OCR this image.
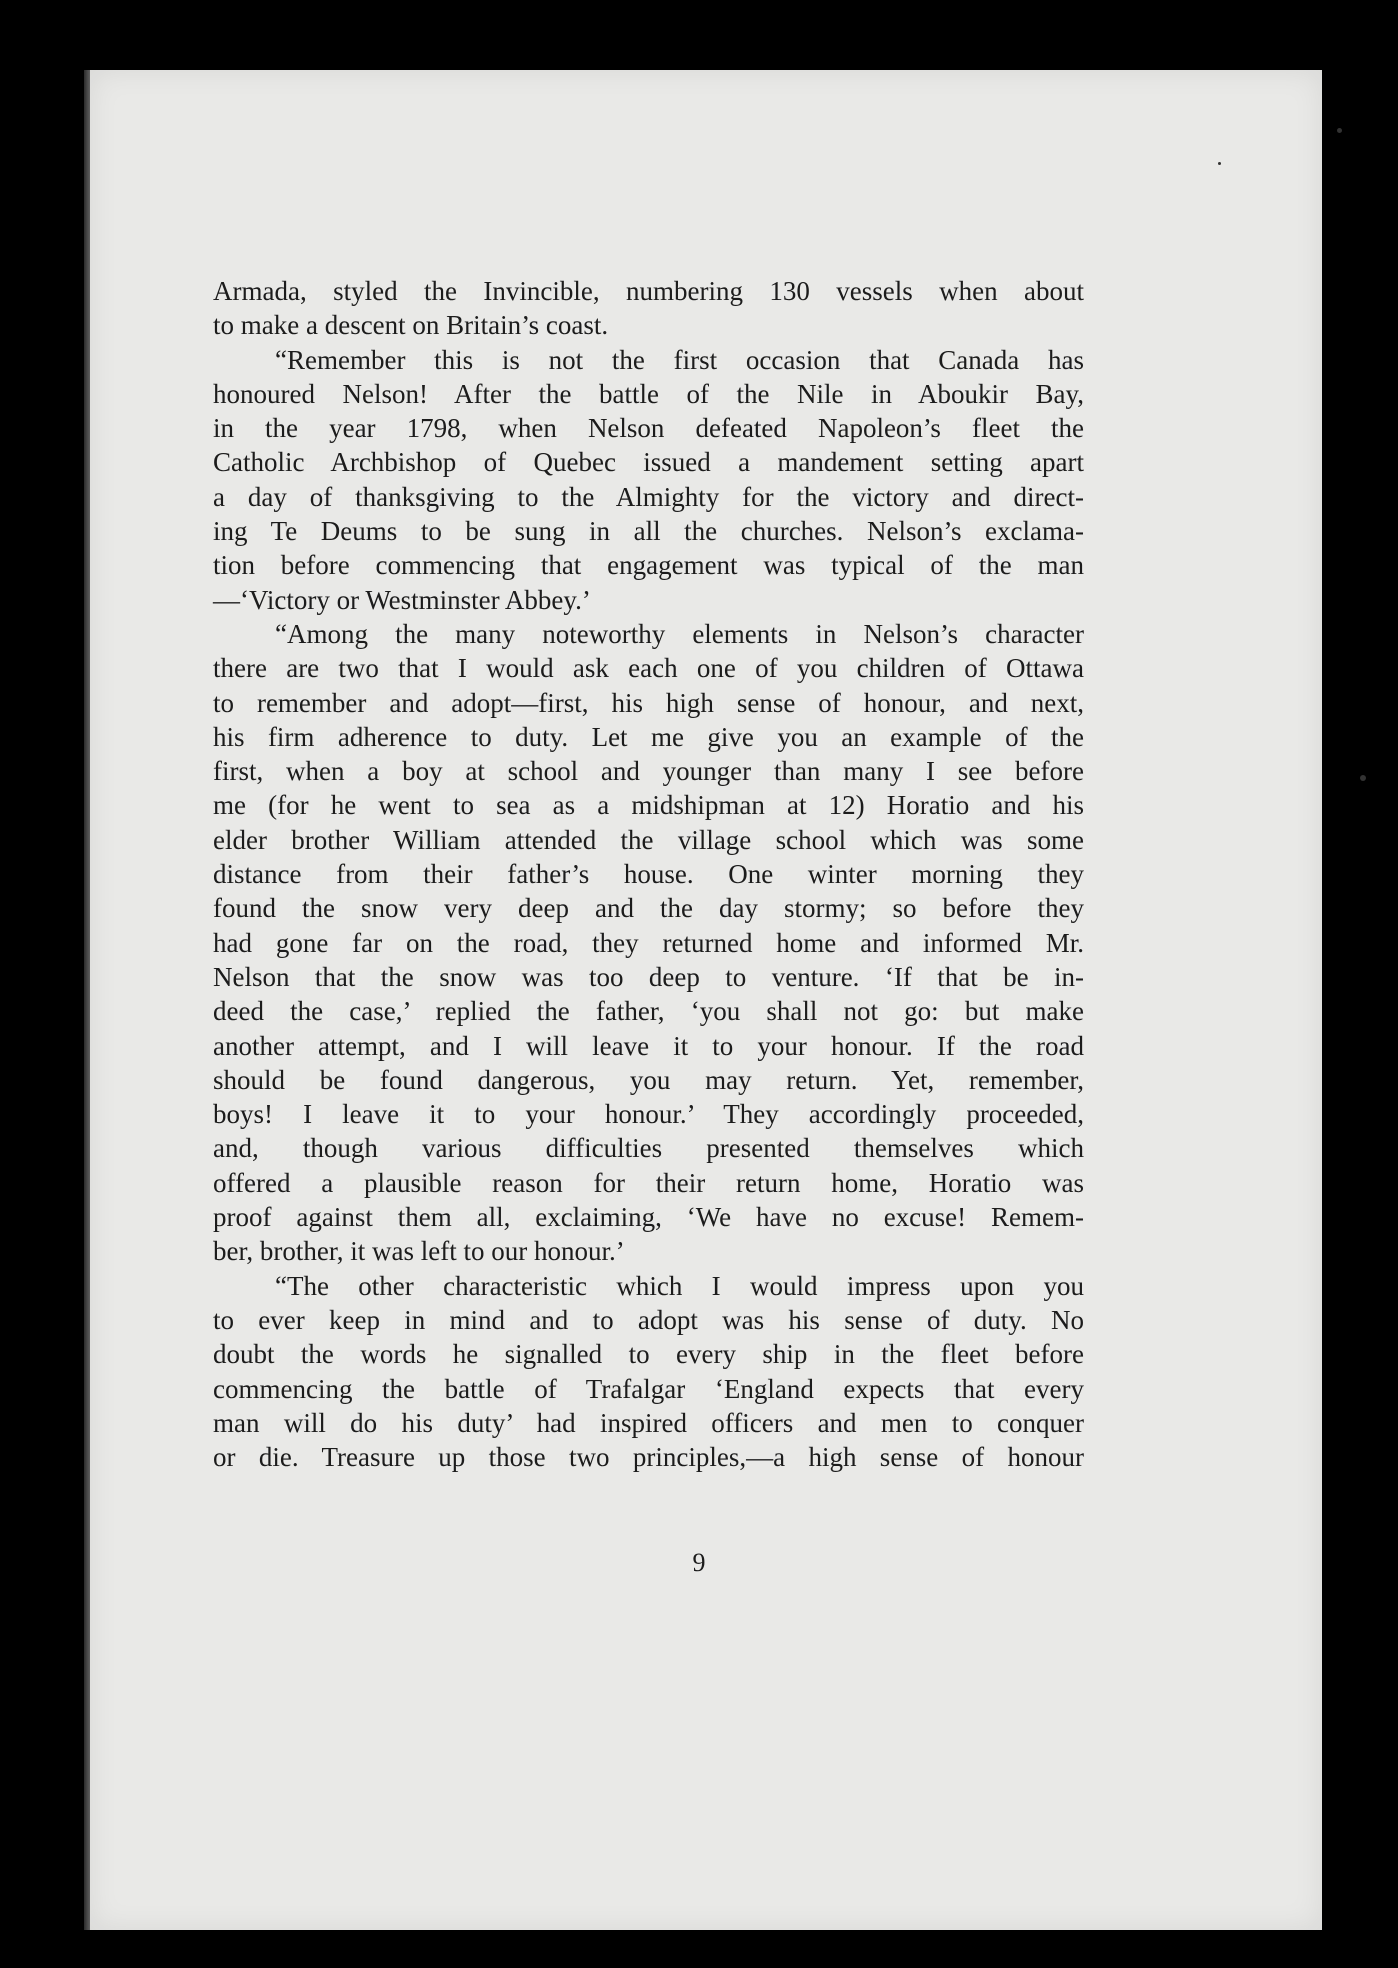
Armada, styled the Invincible, numbering 130 vessels when about
to make a descent on Britain’s coast.
“Remember this is not the first occasion that Canada has
honoured Nelson! After the battle of the Nile in Aboukir Bay,
in the year 1798, when Nelson defeated Napoleon’s fleet the
Catholic Archbishop of Quebec issued a mandement setting apart
a day of thanksgiving to the Almighty for the victory and direct-
ing Te Deums to be sung in all the churches. Nelson’s exclama-
tion before commencing that engagement was typical of the man
—‘Victory or Westminster Abbey.’
“Among the many noteworthy elements in Nelson’s character
there are two that I would ask each one of you children of Ottawa
to remember and adopt—first, his high sense of honour, and next,
his firm adherence to duty. Let me give you an example of the
first, when a boy at school and younger than many I see before
me (for he went to sea as a midshipman at 12) Horatio and his
elder brother William attended the village school which was some
distance from their father’s house. One winter morning they
found the snow very deep and the day stormy; so before they
had gone far on the road, they returned home and informed Mr.
Nelson that the snow was too deep to venture. ‘If that be in-
deed the case,’ replied the father, ‘you shall not go: but make
another attempt, and I will leave it to your honour. If the road
should be found dangerous, you may return. Yet, remember,
boys! I leave it to your honour.’ They accordingly proceeded,
and, though various difficulties presented themselves which
offered a plausible reason for their return home, Horatio was
proof against them all, exclaiming, ‘We have no excuse! Remem-
ber, brother, it was left to our honour.’
“The other characteristic which I would impress upon you
to ever keep in mind and to adopt was his sense of duty. No
doubt the words he signalled to every ship in the fleet before
commencing the battle of Trafalgar ‘England expects that every
man will do his duty’ had inspired officers and men to conquer
or die. Treasure up those two principles,—a high sense of honour
9
